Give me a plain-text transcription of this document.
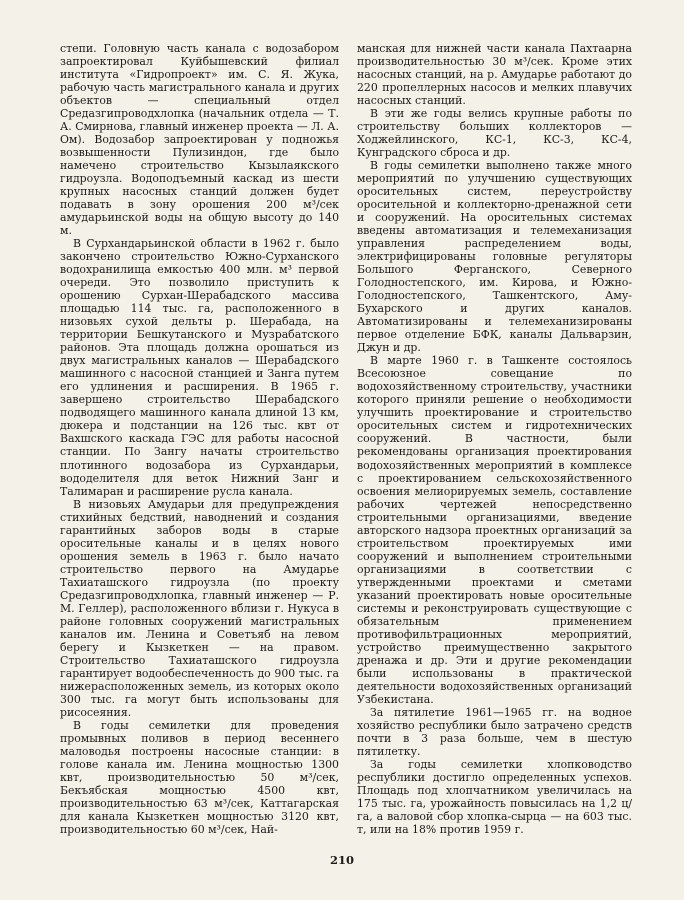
степи. Головную часть канала с водозабором запроектировал Куйбышевский филиал института «Гидропроект» им. С. Я. Жука, рабочую часть магистрального канала и других объектов — специальный отдел Средазгипроводхлопка (начальник отдела — Т. А. Смирнова, главный инженер проекта — Л. А. Ом). Водозабор запроектирован у подножья возвышенности Пулизиндон, где было намечено строительство Кызылаякского гидроузла. Водоподъемный каскад из шести крупных насосных станций должен будет подавать в зону орошения 200 м³/сек амударьинской воды на общую высоту до 140 м.

В Сурхандарьинской области в 1962 г. было закончено строительство Южно-Сурханского водохранилища емкостью 400 млн. м³ первой очереди. Это позволило приступить к орошению Сурхан-Шерабадского массива площадью 114 тыс. га, расположенного в низовьях сухой дельты р. Шерабада, на территории Бешкутанского и Музрабатского районов. Эта площадь должна орошаться из двух магистральных каналов — Шерабадского машинного с насосной станцией и Занга путем его удлинения и расширения. В 1965 г. завершено строительство Шерабадского подводящего машинного канала длиной 13 км, дюкера и подстанции на 126 тыс. квт от Вахшского каскада ГЭС для работы насосной станции. По Зангу начаты строительство плотинного водозабора из Сурхандарьи, вододелителя для веток Нижний Занг и Талимаран и расширение русла канала.

В низовьях Амударьи для предупреждения стихийных бедствий, наводнений и создания гарантийных заборов воды в старые оросительные каналы и в целях нового орошения земель в 1963 г. было начато строительство первого на Амударье Тахиаташского гидроузла (по проекту Средазгипроводхлопка, главный инженер — Р. М. Геллер), расположенного вблизи г. Нукуса в районе головных сооружений магистральных каналов им. Ленина и Советъяб на левом берегу и Кызкеткен — на правом. Строительство Тахиаташского гидроузла гарантирует водообеспеченность до 900 тыс. га нижерасположенных земель, из которых около 300 тыс. га могут быть использованы для рисосеяния.

В годы семилетки для проведения промывных поливов в период весеннего маловодья построены насосные станции: в голове канала им. Ленина мощностью 1300 квт, производительностью 50 м³/сек, Бекъябская мощностью 4500 квт, производительностью 63 м³/сек, Каттагарская для канала Кызкеткен мощностью 3120 квт, производительностью 60 м³/сек, Най-

манская для нижней части канала Пахтаарна производительностью 30 м³/сек. Кроме этих насосных станций, на р. Амударье работают до 220 пропеллерных насосов и мелких плавучих насосных станций.

В эти же годы велись крупные работы по строительству больших коллекторов — Ходжейлинского, КС-1, КС-3, КС-4, Кунградского сброса и др.

В годы семилетки выполнено также много мероприятий по улучшению существующих оросительных систем, переустройству оросительной и коллекторно-дренажной сети и сооружений. На оросительных системах введены автоматизация и телемеханизация управления распределением воды, электрифицированы головные регуляторы Большого Ферганского, Северного Голодностепского, им. Кирова, и Южно-Голодностепского, Ташкентского, Аму-Бухарского и других каналов. Автоматизированы и телемеханизированы первое отделение БФК, каналы Дальварзин, Джун и др.

В марте 1960 г. в Ташкенте состоялось Всесоюзное совещание по водохозяйственному строительству, участники которого приняли решение о необходимости улучшить проектирование и строительство оросительных систем и гидротехнических сооружений. В частности, были рекомендованы организация проектирования водохозяйственных мероприятий в комплексе с проектированием сельскохозяйственного освоения мелиорируемых земель, составление рабочих чертежей непосредственно строительными организациями, введение авторского надзора проектных организаций за строительством проектируемых ими сооружений и выполнением строительными организациями в соответствии с утвержденными проектами и сметами указаний проектировать новые оросительные системы и реконструировать существующие с обязательным применением противофильтрационных мероприятий, устройство преимущественно закрытого дренажа и др. Эти и другие рекомендации были использованы в практической деятельности водохозяйственных организаций Узбекистана.

За пятилетие 1961—1965 гг. на водное хозяйство республики было затрачено средств почти в 3 раза больше, чем в шестую пятилетку.

За годы семилетки хлопководство республики достигло определенных успехов. Площадь под хлопчатником увеличилась на 175 тыс. га, урожайность повысилась на 1,2 ц/га, а валовой сбор хлопка-сырца — на 603 тыс. т, или на 18% против 1959 г.

210
